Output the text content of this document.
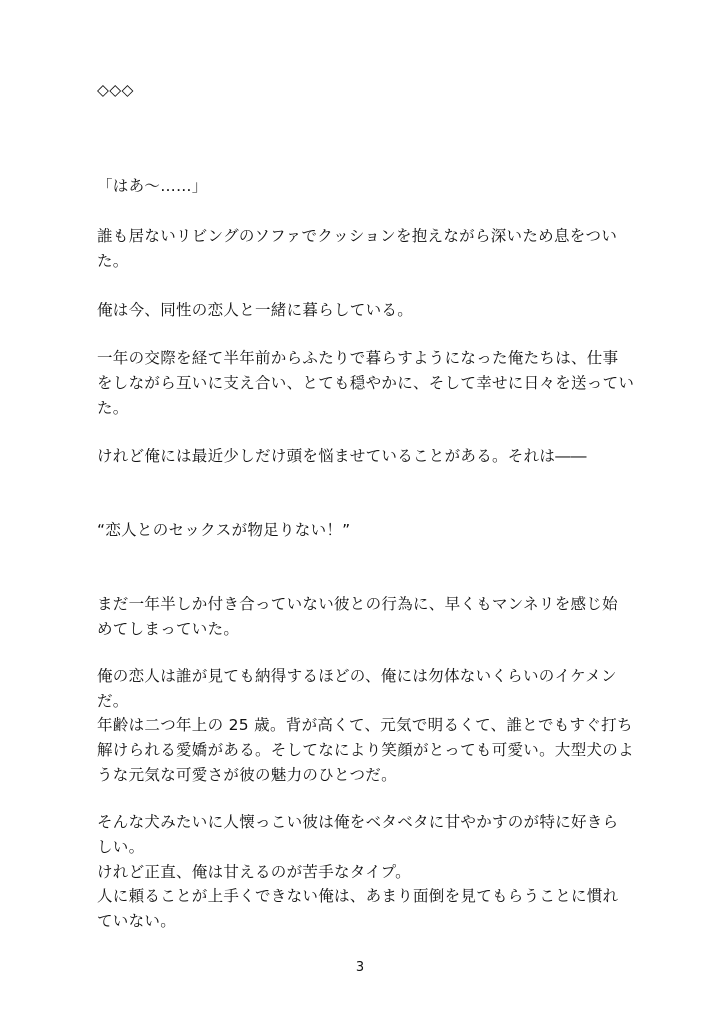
◇◇◇
「はあ〜……」
誰も居ないリビングのソファでクッションを抱えながら深いため息をつい
た。
俺は今、同性の恋人と一緒に暮らしている。
一年の交際を経て半年前からふたりで暮らすようになった俺たちは、仕事
をしながら互いに支え合い、とても穏やかに、そして幸せに日々を送ってい
た。
けれど俺には最近少しだけ頭を悩ませていることがある。それは――
“恋人とのセックスが物足りない！”
まだ一年半しか付き合っていない彼との行為に、早くもマンネリを感じ始
めてしまっていた。
俺の恋人は誰が見ても納得するほどの、俺には勿体ないくらいのイケメン
だ。
年齢は二つ年上の 25 歳。背が高くて、元気で明るくて、誰とでもすぐ打ち
解けられる愛嬌がある。そしてなにより笑顔がとっても可愛い。大型犬のよ
うな元気な可愛さが彼の魅力のひとつだ。
そんな犬みたいに人懐っこい彼は俺をベタベタに甘やかすのが特に好きら
しい。
けれど正直、俺は甘えるのが苦手なタイプ。
人に頼ることが上手くできない俺は、あまり面倒を見てもらうことに慣れ
ていない。
3
